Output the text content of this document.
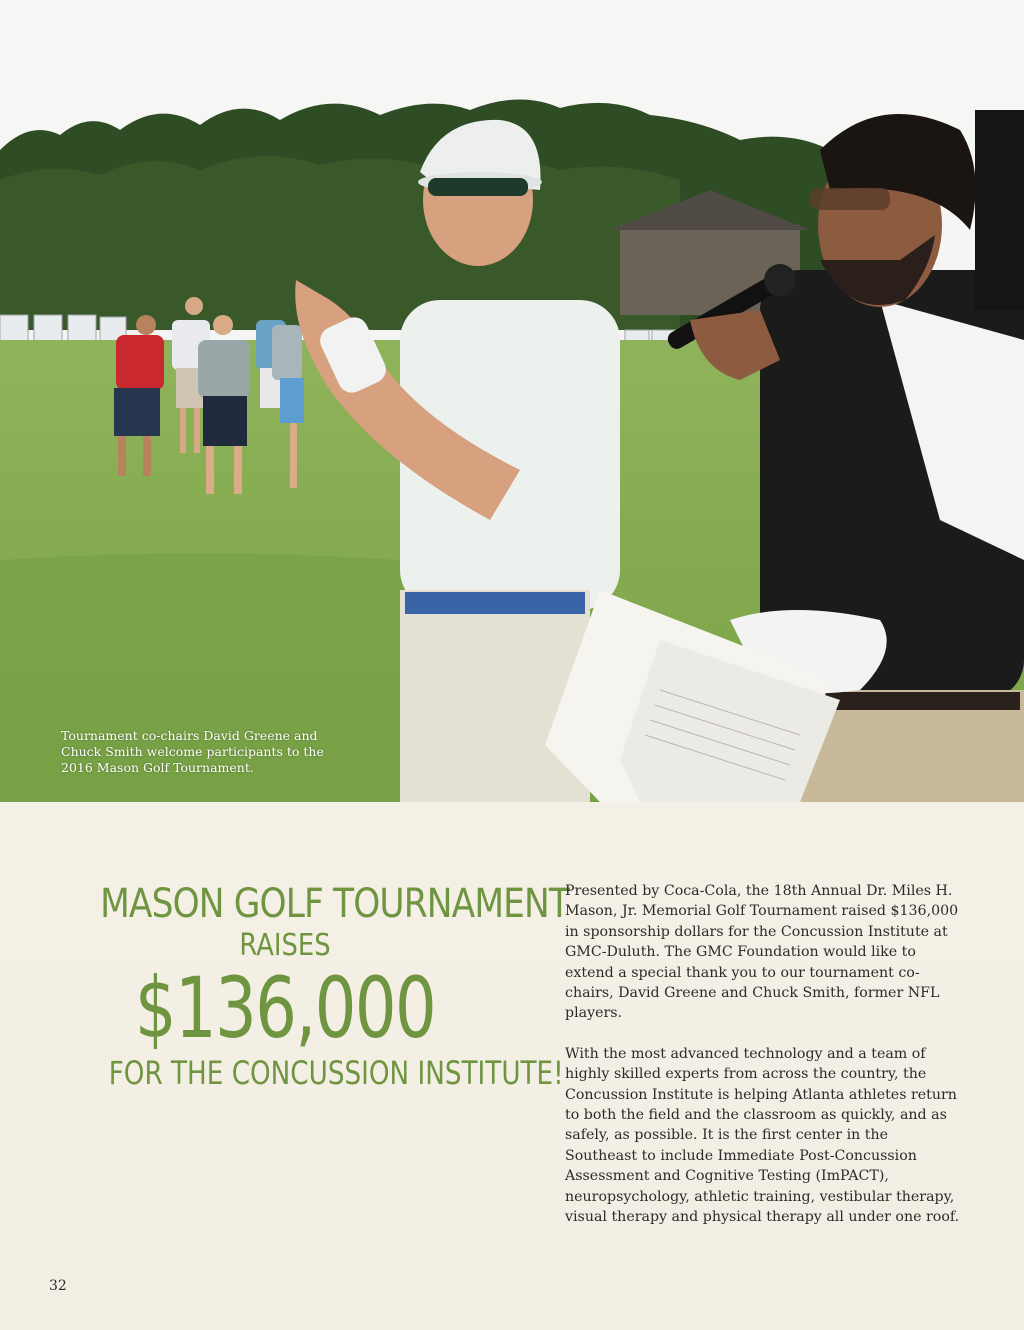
Tournament co-chairs David Greene and Chuck Smith welcome participants to the 2016 Mason Golf Tournament.
MASON GOLF TOURNAMENT
RAISES
$136,000
FOR THE CONCUSSION INSTITUTE!

Presented by Coca-Cola, the 18th Annual Dr. Miles H. Mason, Jr. Memorial Golf Tournament raised $136,000 in sponsorship dollars for the Concussion Institute at GMC-Duluth. The GMC Foundation would like to extend a special thank you to our tournament co-chairs, David Greene and Chuck Smith, former NFL players.

With the most advanced technology and a team of highly skilled experts from across the country, the Concussion Institute is helping Atlanta athletes return to both the field and the classroom as quickly, and as safely, as possible. It is the first center in the Southeast to include Immediate Post-Concussion Assessment and Cognitive Testing (ImPACT), neuropsychology, athletic training, vestibular therapy, visual therapy and physical therapy all under one roof.

32
